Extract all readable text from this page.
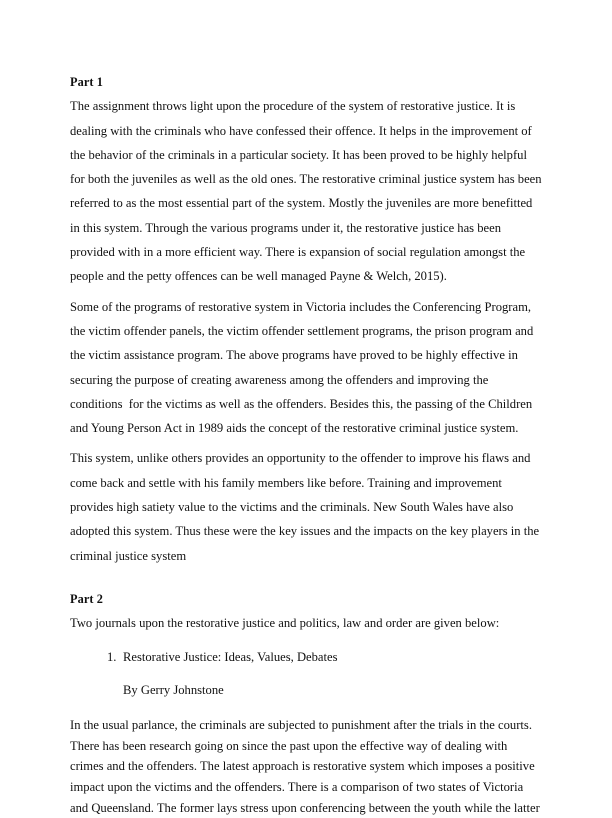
Part 1

The assignment throws light upon the procedure of the system of restorative justice. It is dealing with the criminals who have confessed their offence. It helps in the improvement of the behavior of the criminals in a particular society. It has been proved to be highly helpful for both the juveniles as well as the old ones. The restorative criminal justice system has been referred to as the most essential part of the system. Mostly the juveniles are more benefitted in this system. Through the various programs under it, the restorative justice has been provided with in a more efficient way. There is expansion of social regulation amongst the people and the petty offences can be well managed Payne & Welch, 2015).

Some of the programs of restorative system in Victoria includes the Conferencing Program, the victim offender panels, the victim offender settlement programs, the prison program and the victim assistance program. The above programs have proved to be highly effective in securing the purpose of creating awareness among the offenders and improving the conditions  for the victims as well as the offenders. Besides this, the passing of the Children and Young Person Act in 1989 aids the concept of the restorative criminal justice system.

This system, unlike others provides an opportunity to the offender to improve his flaws and come back and settle with his family members like before. Training and improvement provides high satiety value to the victims and the criminals. New South Wales have also adopted this system. Thus these were the key issues and the impacts on the key players in the criminal justice system

Part 2

Two journals upon the restorative justice and politics, law and order are given below:

1. Restorative Justice: Ideas, Values, Debates

By Gerry Johnstone

In the usual parlance, the criminals are subjected to punishment after the trials in the courts. There has been research going on since the past upon the effective way of dealing with crimes and the offenders. The latest approach is restorative system which imposes a positive impact upon the victims and the offenders. There is a comparison of two states of Victoria and Queensland. The former lays stress upon conferencing between the youth while the latter
